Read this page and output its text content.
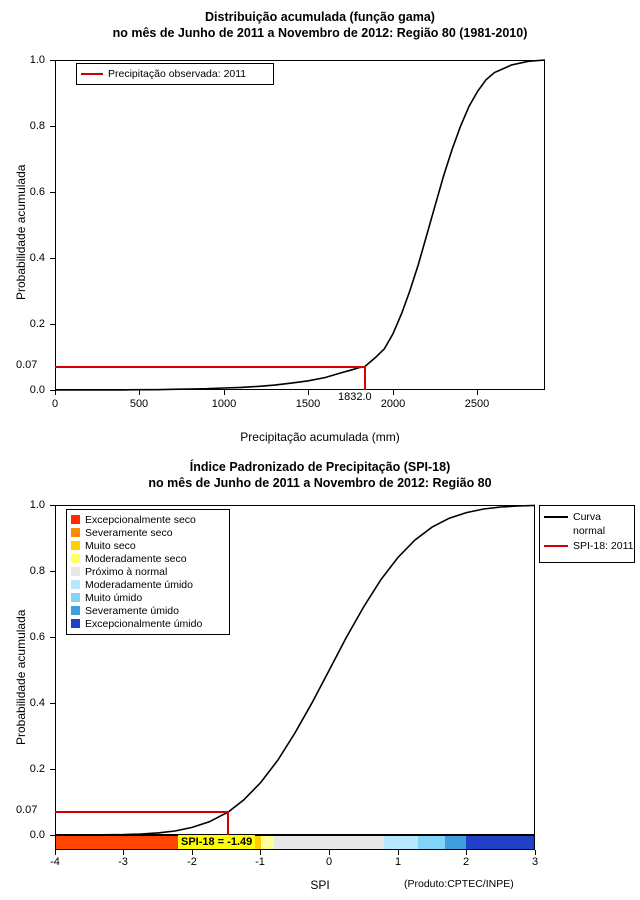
Distribuição acumulada (função gama)
no mês de Junho de 2011 a Novembro de 2012: Região 80 (1981-2010)
0.07
1832.0
Precipitação observada: 2011
0	500	1000	1500	2000	2500
0.0
0.2
0.4
0.6
0.8
1.0
Precipitação acumulada (mm)
Probabilidade acumulada
Índice Padronizado de Precipitação (SPI-18)
no mês de Junho de 2011 a Novembro de 2012: Região 80
0.07
Excepcionalmente seco
Severamente seco
Muito seco
Moderadamente seco
Próximo à normal
Moderadamente úmido
Muito úmido
Severamente úmido
Excepcionalmente úmido
Curva
normal
SPI-18: 2011
SPI-18 = -1.49
-4	-3	-2	-1	0	1	2	3
0.0
0.2
0.4
0.6
0.8
1.0
SPI
Probabilidade acumulada
(Produto:CPTEC/INPE)
